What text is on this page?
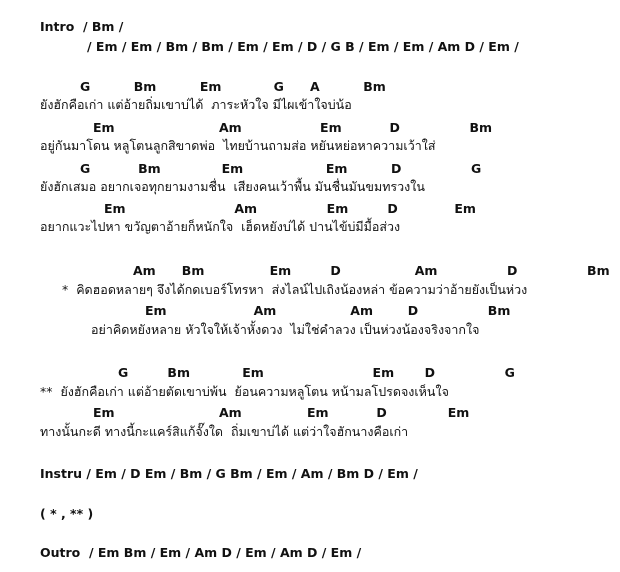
Intro  / Bm /
/ Em / Em / Bm / Bm / Em / Em / D / G B / Em / Em / Am D / Em /
G          Bm          Em            G      A          Bm
ยังฮักคือเก่า แต่อ้ายถิ่มเขาบ่ได้  ภาระหัวใจ มีไผเข้าใจบ่น้อ
Em                        Am                  Em           D                Bm
อยู่กันมาโดน หลูโตนลูกสิขาดพ่อ  ไทยบ้านถามส่อ หยันหย่อหาความเว้าใส่
G           Bm              Em                   Em          D                G
ยังฮักเสมอ อยากเจอทุกยามงามชื่น  เสียงคนเว้าพื้น มันชื่นมันขมทรวงใน
Em                         Am                Em         D             Em
อยากแวะไปหา ขวัญตาอ้ายก็หนักใจ  เฮ็ดหยังบ่ได้ ปานไข้บ่มีมื้อส่วง
Am      Bm               Em         D                 Am                D                Bm
*  คิดฮอดหลายๆ จึงได้กดเบอร์โทรหา  ส่งไลน์ไปเถิงน้องหล่า ข้อความว่าอ้ายยังเป็นห่วง
Em                    Am                 Am        D                Bm
อย่าคิดหยังหลาย หัวใจให้เจ้าหั้งดวง  ไม่ใช่คำลวง เป็นห่วงน้องจริงจากใจ
G         Bm            Em                         Em       D                G
**  ยังฮักคือเก่า แต่อ้ายตัดเขาบ่พ้น  ย้อนความหลูโตน หน้ามลโปรดจงเห็นใจ
Em                        Am               Em           D              Em
ทางนั้นกะดี ทางนี้กะแคร์สิแก้จั๊งใด  ถิ่มเขาบ่ได้ แต่ว่าใจฮักนางคือเก่า
Instru / Em / D Em / Bm / G Bm / Em / Am / Bm D / Em /
( * , ** )
Outro  / Em Bm / Em / Am D / Em / Am D / Em /
